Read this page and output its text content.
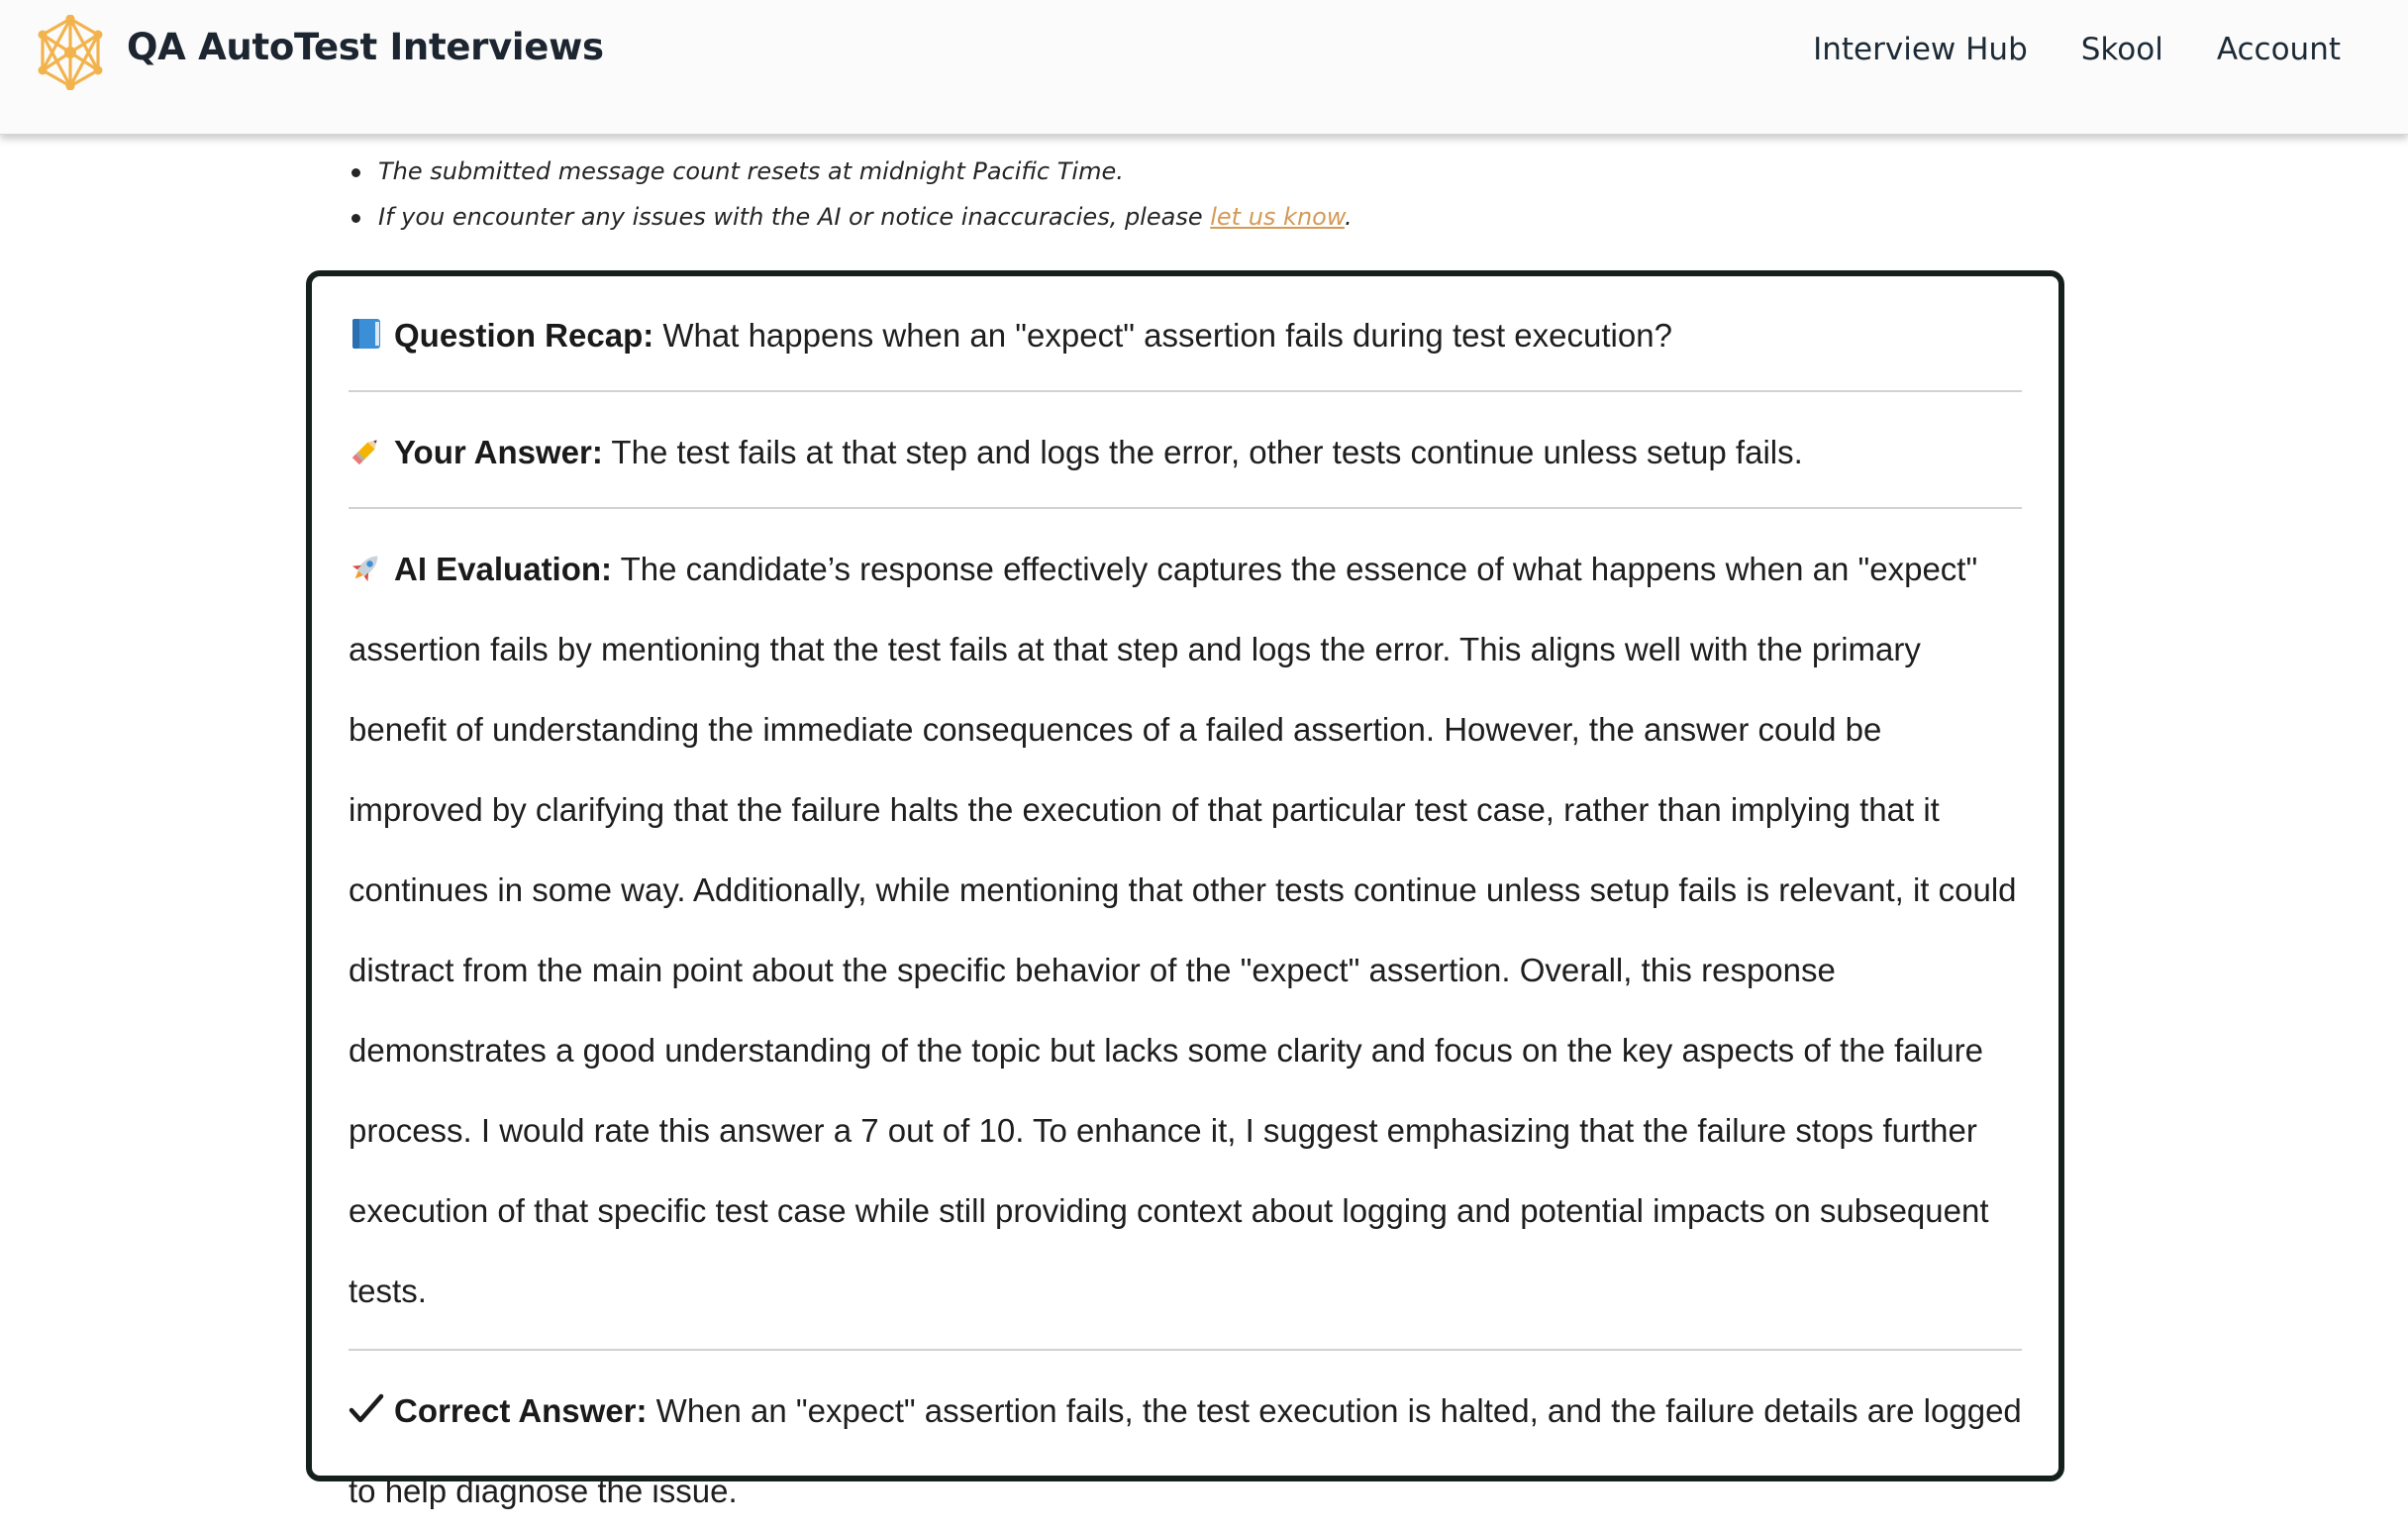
QA AutoTest Interviews	Interview Hub Skool Account
The submitted message count resets at midnight Pacific Time.
If you encounter any issues with the AI or notice inaccuracies, please let us know.

Question Recap: What happens when an "expect" assertion fails during test execution?

Your Answer: The test fails at that step and logs the error, other tests continue unless setup fails.

AI Evaluation: The candidate’s response effectively captures the essence of what happens when an "expect" assertion fails by mentioning that the test fails at that step and logs the error. This aligns well with the primary benefit of understanding the immediate consequences of a failed assertion. However, the answer could be improved by clarifying that the failure halts the execution of that particular test case, rather than implying that it continues in some way. Additionally, while mentioning that other tests continue unless setup fails is relevant, it could distract from the main point about the specific behavior of the "expect" assertion. Overall, this response demonstrates a good understanding of the topic but lacks some clarity and focus on the key aspects of the failure process. I would rate this answer a 7 out of 10. To enhance it, I suggest emphasizing that the failure stops further execution of that specific test case while still providing context about logging and potential impacts on subsequent tests.

Correct Answer: When an "expect" assertion fails, the test execution is halted, and the failure details are logged to help diagnose the issue.
